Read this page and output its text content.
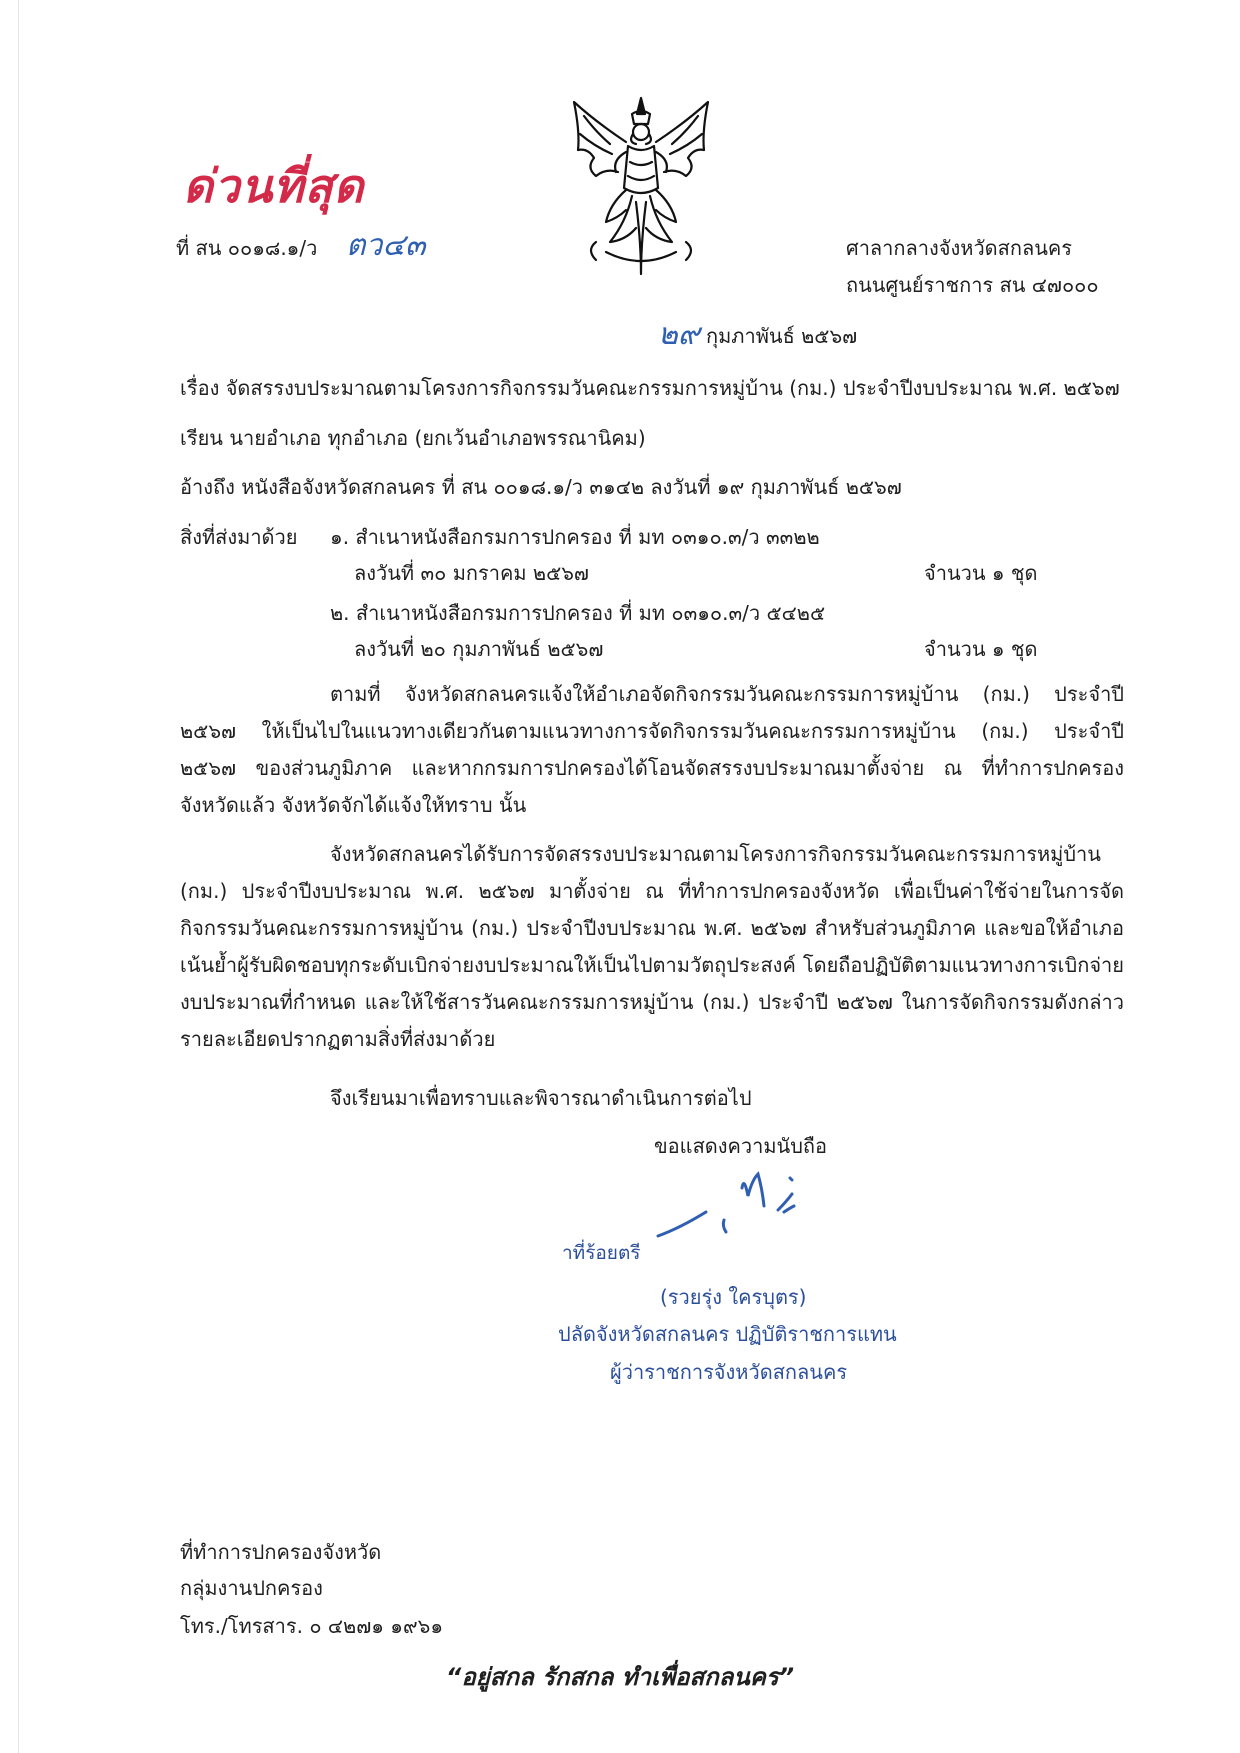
ด่วนที่สุด
ที่ สน ๐๐๑๘.๑/ว ตว๔๓	ศาลากลางจังหวัดสกลนคร
ถนนศูนย์ราชการ สน ๔๗๐๐๐
๒๙ กุมภาพันธ์ ๒๕๖๗
เรื่อง จัดสรรงบประมาณตามโครงการกิจกรรมวันคณะกรรมการหมู่บ้าน (กม.) ประจำปีงบประมาณ พ.ศ. ๒๕๖๗
เรียน นายอำเภอ ทุกอำเภอ (ยกเว้นอำเภอพรรณานิคม)
อ้างถึง หนังสือจังหวัดสกลนคร ที่ สน ๐๐๑๘.๑/ว ๓๑๔๒ ลงวันที่ ๑๙ กุมภาพันธ์ ๒๕๖๗
สิ่งที่ส่งมาด้วย ๑. สำเนาหนังสือกรมการปกครอง ที่ มท ๐๓๑๐.๓/ว ๓๓๒๒
ลงวันที่ ๓๐ มกราคม ๒๕๖๗	จำนวน ๑ ชุด
๒. สำเนาหนังสือกรมการปกครอง ที่ มท ๐๓๑๐.๓/ว ๕๔๒๕
ลงวันที่ ๒๐ กุมภาพันธ์ ๒๕๖๗	จำนวน ๑ ชุด
ตามที่ จังหวัดสกลนครแจ้งให้อำเภอจัดกิจกรรมวันคณะกรรมการหมู่บ้าน (กม.) ประจำปี ๒๕๖๗ ให้เป็นไปในแนวทางเดียวกันตามแนวทางการจัดกิจกรรมวันคณะกรรมการหมู่บ้าน (กม.) ประจำปี ๒๕๖๗ ของส่วนภูมิภาค และหากกรมการปกครองได้โอนจัดสรรงบประมาณมาตั้งจ่าย ณ ที่ทำการปกครองจังหวัดแล้ว จังหวัดจักได้แจ้งให้ทราบ นั้น
จังหวัดสกลนครได้รับการจัดสรรงบประมาณตามโครงการกิจกรรมวันคณะกรรมการหมู่บ้าน (กม.) ประจำปีงบประมาณ พ.ศ. ๒๕๖๗ มาตั้งจ่าย ณ ที่ทำการปกครองจังหวัด เพื่อเป็นค่าใช้จ่ายในการจัดกิจกรรมวันคณะกรรมการหมู่บ้าน (กม.) ประจำปีงบประมาณ พ.ศ. ๒๕๖๗ สำหรับส่วนภูมิภาค และขอให้อำเภอเน้นย้ำผู้รับผิดชอบทุกระดับเบิกจ่ายงบประมาณให้เป็นไปตามวัตถุประสงค์ โดยถือปฏิบัติตามแนวทางการเบิกจ่ายงบประมาณที่กำหนด และให้ใช้สารวันคณะกรรมการหมู่บ้าน (กม.) ประจำปี ๒๕๖๗ ในการจัดกิจกรรมดังกล่าว รายละเอียดปรากฏตามสิ่งที่ส่งมาด้วย
จึงเรียนมาเพื่อทราบและพิจารณาดำเนินการต่อไป
ขอแสดงความนับถือ
าที่ร้อยตรี
(รวยรุ่ง ใครบุตร)
ปลัดจังหวัดสกลนคร ปฏิบัติราชการแทน
ผู้ว่าราชการจังหวัดสกลนคร
ที่ทำการปกครองจังหวัด
กลุ่มงานปกครอง
โทร./โทรสาร. ๐ ๔๒๗๑ ๑๙๖๑
“อยู่สกล รักสกล ทำเพื่อสกลนคร”
